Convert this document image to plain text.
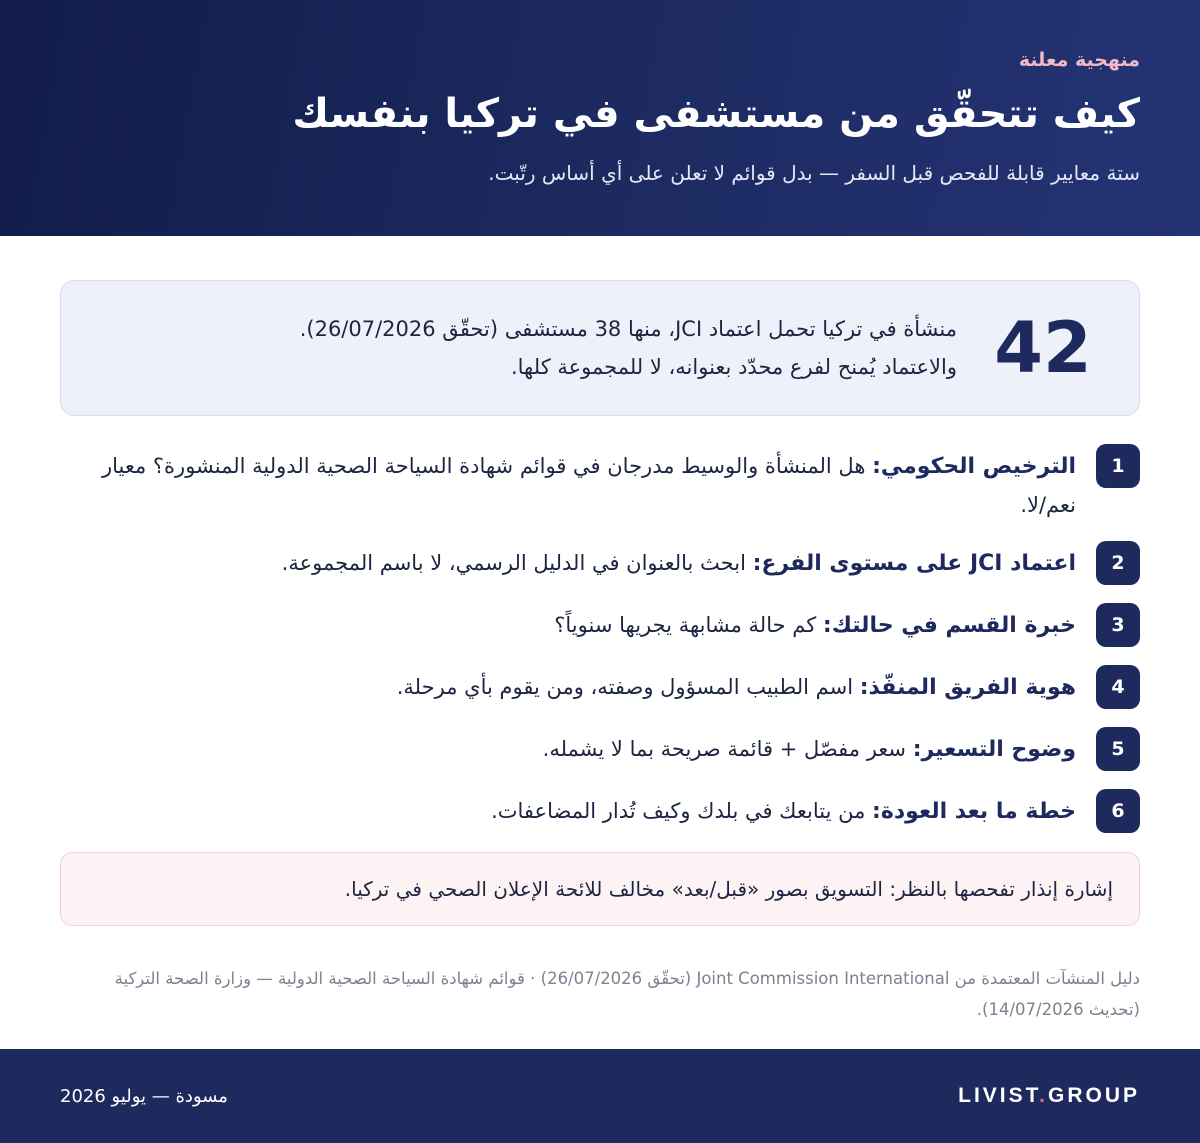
منهجية معلنة

كيف تتحقّق من مستشفى في تركيا بنفسك

ستة معايير قابلة للفحص قبل السفر — بدل قوائم لا تعلن على أي أساس رتّبت.

42
منشأة في تركيا تحمل اعتماد JCI، منها 38 مستشفى (تحقّق 26/07/2026).
والاعتماد يُمنح لفرع محدّد بعنوانه، لا للمجموعة كلها.
1
الترخيص الحكومي: هل المنشأة والوسيط مدرجان في قوائم شهادة السياحة الصحية الدولية المنشورة؟ معيار نعم/لا.
2
اعتماد JCI على مستوى الفرع: ابحث بالعنوان في الدليل الرسمي، لا باسم المجموعة.
3
خبرة القسم في حالتك: كم حالة مشابهة يجريها سنوياً؟
4
هوية الفريق المنفّذ: اسم الطبيب المسؤول وصفته، ومن يقوم بأي مرحلة.
5
وضوح التسعير: سعر مفصّل + قائمة صريحة بما لا يشمله.
6
خطة ما بعد العودة: من يتابعك في بلدك وكيف تُدار المضاعفات.
إشارة إنذار تفحصها بالنظر: التسويق بصور «قبل/بعد» مخالف للائحة الإعلان الصحي في تركيا.

دليل المنشآت المعتمدة من Joint Commission International (تحقّق 26/07/2026) · قوائم شهادة السياحة الصحية الدولية — وزارة الصحة التركية (تحديث 14/07/2026).

LIVIST.GROUP
مسودة — يوليو 2026
